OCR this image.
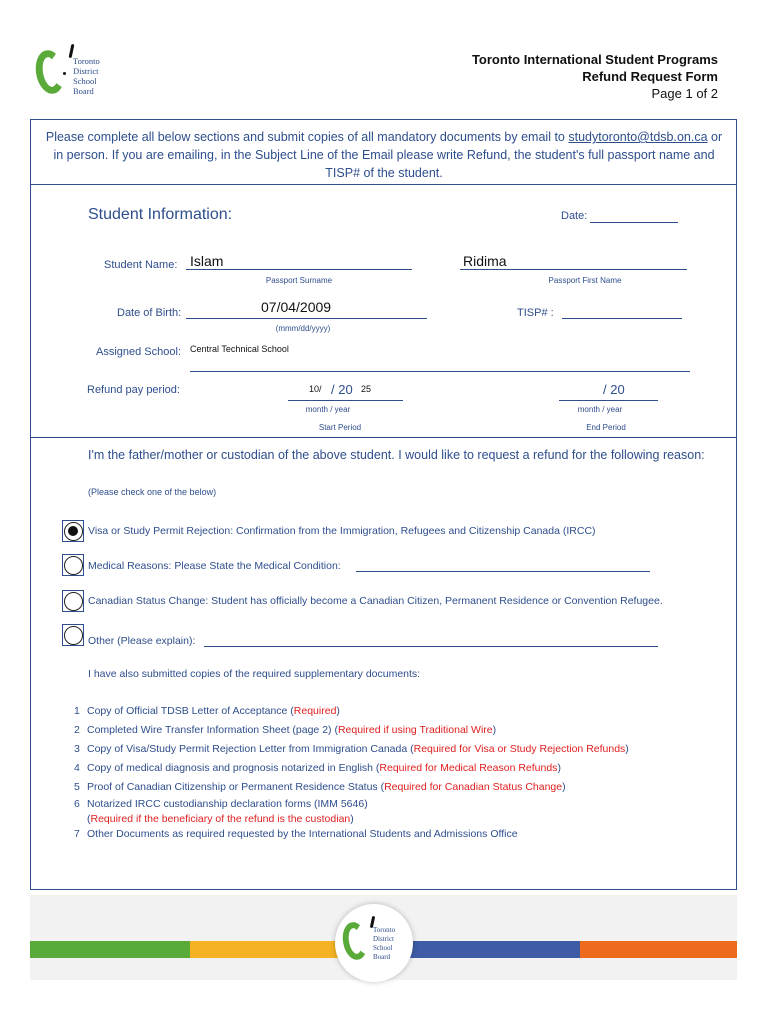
Toronto
District
School
Board
Toronto International Student Programs
Refund Request Form
Page 1 of 2
Please complete all below sections and submit copies of all mandatory documents by email to studytoronto@tdsb.on.ca or in person. If you are emailing, in the Subject Line of the Email please write Refund, the student's full passport name and TISP# of the student.
Student Information:	Date:
Student Name: Islam
Passport Surname
Ridima
Passport First Name
Date of Birth:	07/04/2009
(mmm/dd/yyyy)
TISP# :
Assigned School: Central Technical School
Refund pay period:	10/ / 20 25
month / year
Start Period
/ 20
month / year
End Period
I'm the father/mother or custodian of the above student. I would like to request a refund for the following reason:
(Please check one of the below)
Visa or Study Permit Rejection: Confirmation from the Immigration, Refugees and Citizenship Canada (IRCC)
Medical Reasons: Please State the Medical Condition:
Canadian Status Change: Student has officially become a Canadian Citizen, Permanent Residence or Convention Refugee.
Other (Please explain):
I have also submitted copies of the required supplementary documents:
1 Copy of Official TDSB Letter of Acceptance (Required)
2 Completed Wire Transfer Information Sheet (page 2) (Required if using Traditional Wire)
3 Copy of Visa/Study Permit Rejection Letter from Immigration Canada (Required for Visa or Study Rejection Refunds)
4 Copy of medical diagnosis and prognosis notarized in English (Required for Medical Reason Refunds)
5 Proof of Canadian Citizenship or Permanent Residence Status (Required for Canadian Status Change)
6 Notarized IRCC custodianship declaration forms (IMM 5646)
(Required if the beneficiary of the refund is the custodian)
7 Other Documents as required requested by the International Students and Admissions Office
Toronto
District
School
Board
